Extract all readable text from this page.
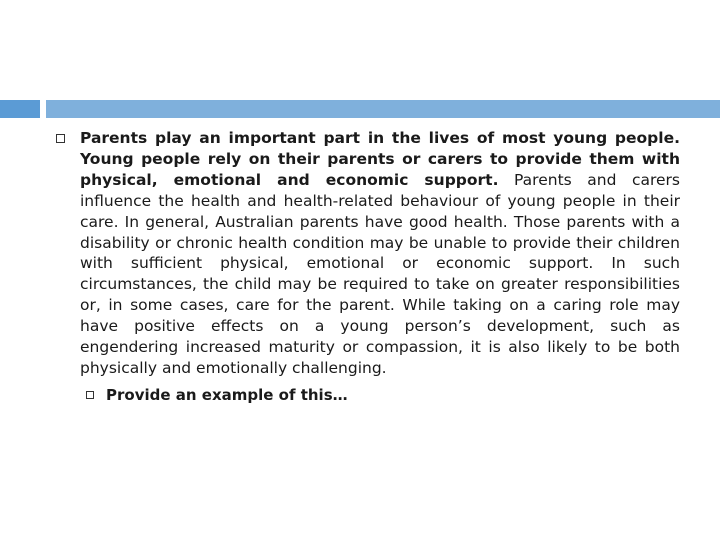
Parents play an important part in the lives of most young people. Young people rely on their parents or carers to provide them with physical, emotional and economic support. Parents and carers influence the health and health-related behaviour of young people in their care. In general, Australian parents have good health. Those parents with a disability or chronic health condition may be unable to provide their children with sufficient physical, emotional or economic support. In such circumstances, the child may be required to take on greater responsibilities or, in some cases, care for the parent. While taking on a caring role may have positive effects on a young person’s development, such as engendering increased maturity or compassion, it is also likely to be both physically and emotionally challenging.

Provide an example of this…
